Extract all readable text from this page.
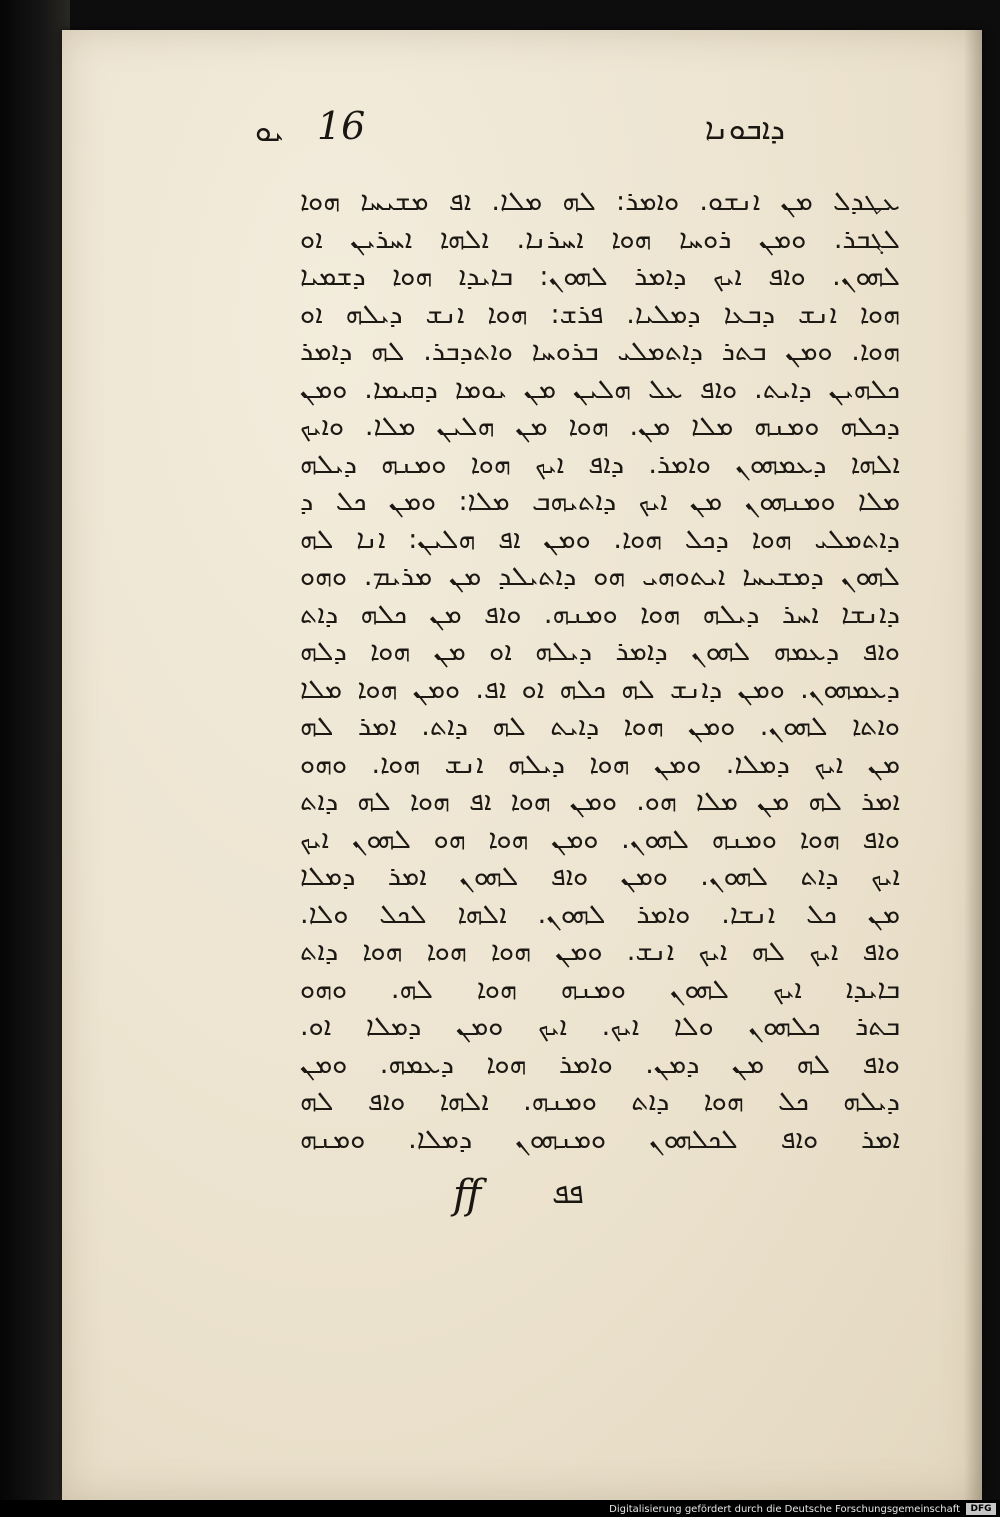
ܝܘ 16	ܕܐܒܘܢܐ
ܥܛܕܠ ܡܢ ܐܢܫܘ. ܘܐܡܪ: ܠܗ ܡܠܐ. ܐܦ ܡܫܝܚܐ ܗܘܐ
ܠܓܒܪ. ܘܡܢ ܪܘܚܐ ܗܘܐ ܐܚܪܢܐ. ܐܠܗܐ ܐܚܪܝܢ ܐܘ
ܠܗܘܢ. ܘܐܦ ܐܝܟ ܕܐܡܪ ܠܗܘܢ: ܒܐܝܕܐ ܗܘܐ ܕܫܡܝܐ
ܗܘܐ ܐܢܫ ܕܒܥܐ ܕܡܠܝܐ. ܦܪܫ: ܗܘܐ ܐܢܫ ܕܝܠܗ ܐܘ
ܗܘܐ. ܘܡܢ ܒܬܪ ܕܐܬܡܠܝ ܒܪܘܚܐ ܘܐܬܕܒܪ. ܠܗ ܕܐܡܪ
ܟܠܗܝܢ ܕܐܝܬ. ܘܐܦ ܥܠ ܗܠܝܢ ܡܢ ܝܘܡܐ ܕܩܝܡܐ. ܘܡܢ
ܕܟܠܗ ܘܡܢܗ ܡܠܐ ܡܢ. ܗܘܐ ܡܢ ܗܠܝܢ ܡܠܐ. ܘܐܝܟ
ܐܠܗܐ ܕܥܡܗܘܢ ܘܐܡܪ. ܕܐܦ ܐܝܟ ܗܘܐ ܘܡܢܗ ܕܝܠܗ
ܡܠܐ ܘܡܢܗܘܢ ܡܢ ܐܝܟ ܕܐܬܝܗܒ ܡܠܐ: ܘܡܢ ܟܠ ܕ
ܕܐܬܡܠܝ ܗܘܐ ܕܟܠ ܗܘܐ. ܘܡܢ ܐܦ ܗܠܝܢ: ܐܢܐ ܠܗ
ܠܗܘܢ ܕܡܫܝܚܐ ܐܝܬܘܗܝ ܗܘ ܕܐܬܝܠܕ ܡܢ ܡܪܝܡ. ܘܗܘ
ܕܐܢܫܐ ܐܚܪ ܕܝܠܗ ܗܘܐ ܘܡܢܗ. ܘܐܦ ܡܢ ܟܠܗ ܕܐܬ
ܘܐܦ ܕܥܡܗ ܠܗܘܢ ܕܐܡܪ ܕܝܠܗ ܐܘ ܡܢ ܗܘܐ ܕܠܗ
ܕܥܡܗܘܢ. ܘܡܢ ܕܐܢܫ ܠܗ ܟܠܗ ܐܘ ܐܦ. ܘܡܢ ܗܘܐ ܡܠܐ
ܘܐܬܐ ܠܗܘܢ. ܘܡܢ ܗܘܐ ܕܐܝܬ ܠܗ ܕܐܬ. ܐܡܪ ܠܗ
ܡܢ ܐܝܟ ܕܡܠܐ. ܘܡܢ ܗܘܐ ܕܝܠܗ ܐܢܫ ܗܘܐ. ܘܗܘ
ܐܡܪ ܠܗ ܡܢ ܡܠܐ ܗܘ. ܘܡܢ ܗܘܐ ܐܦ ܗܘܐ ܠܗ ܕܐܬ
ܘܐܦ ܗܘܐ ܘܡܢܗ ܠܗܘܢ. ܘܡܢ ܗܘܐ ܗܘ ܠܗܘܢ ܐܝܟ
ܐܝܟ ܕܐܬ ܠܗܘܢ. ܘܡܢ ܘܐܦ ܠܗܘܢ ܐܡܪ ܕܡܠܐ
ܡܢ ܟܠ ܐܢܫܐ. ܘܐܡܪ ܠܗܘܢ. ܐܠܗܐ ܠܟܠ ܘܠܐ.
ܘܐܦ ܐܝܟ ܠܗ ܐܝܟ ܐܢܫ. ܘܡܢ ܗܘܐ ܗܘܐ ܗܘܐ ܕܐܬ
ܒܐܝܕܐ ܐܝܟ ܠܗܘܢ ܘܡܢܗ ܗܘܐ ܠܗ. ܘܗܘ
ܒܬܪ ܟܠܗܘܢ ܘܠܐ ܐܝܟ. ܐܝܟ ܘܡܢ ܕܡܠܐ ܐܘ.
ܘܐܦ ܠܗ ܡܢ ܕܡܢ. ܘܐܡܪ ܗܘܐ ܕܥܡܗ. ܘܡܢ
ܕܝܠܗ ܟܠ ܗܘܐ ܕܐܬ ܘܡܢܗ. ܐܠܗܐ ܘܐܦ ܠܗ
ܐܡܪ ܘܐܦ ܠܟܠܗܘܢ ܘܡܢܗܘܢ ܕܡܠܐ. ܘܡܢܗ
ff ܦܦ
Digitalisierung gefördert durch die Deutsche Forschungsgemeinschaft	DFG
